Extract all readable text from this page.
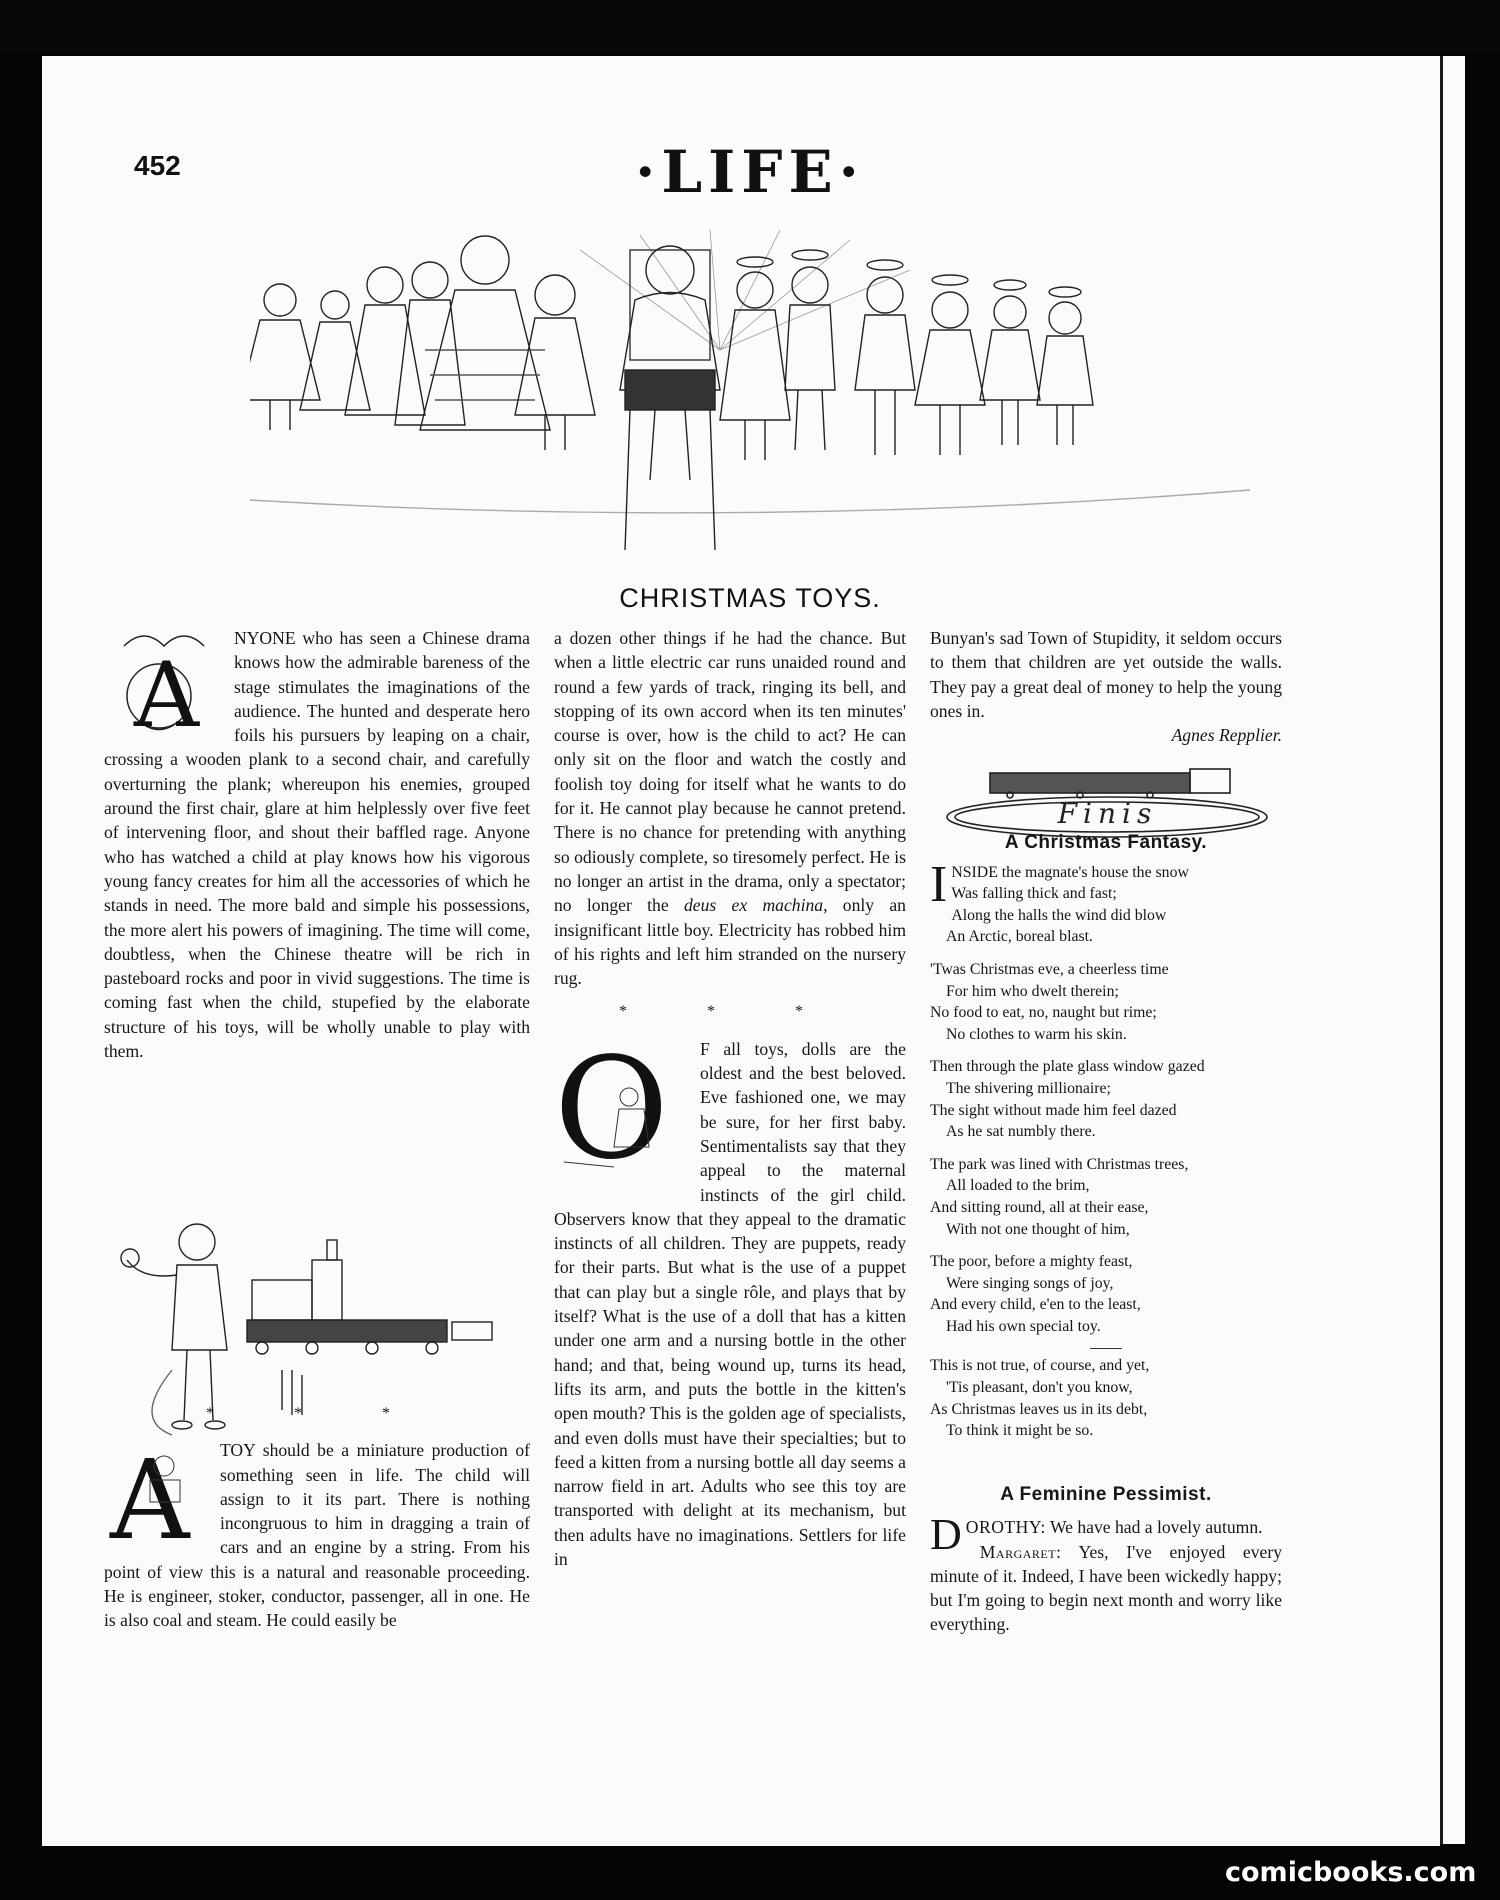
452	·LIFE·
CHRISTMAS TOYS.
A

NYONE who has seen a Chinese drama knows how the admirable bareness of the stage stimulates the imaginations of the audience. The hunted and desperate hero foils his pursuers by leaping on a chair, crossing a wooden plank to a second chair, and carefully overturning the plank; whereupon his enemies, grouped around the first chair, glare at him helplessly over five feet of intervening floor, and shout their baffled rage. Anyone who has watched a child at play knows how his vigorous young fancy creates for him all the accessories of which he stands in need. The more bald and simple his possessions, the more alert his powers of imagining. The time will come, doubtless, when the Chinese theatre will be rich in pasteboard rocks and poor in vivid suggestions. The time is coming fast when the child, stupefied by the elaborate structure of his toys, will be wholly unable to play with them.

* * *
A	TOY should be a miniature production of something seen in life. The child will assign to it its part. There is nothing incongruous to him in dragging a train of cars and an engine by a string. From his point of view this is a natural and reasonable proceeding. He is engineer, stoker, conductor, passenger, all in one. He is also coal and steam. He could easily be

a dozen other things if he had the chance. But when a little electric car runs unaided round and round a few yards of track, ringing its bell, and stopping of its own accord when its ten minutes' course is over, how is the child to act? He can only sit on the floor and watch the costly and foolish toy doing for itself what he wants to do for it. He cannot play because he cannot pretend. There is no chance for pretending with anything so odiously complete, so tiresomely perfect. He is no longer an artist in the drama, only a spectator; no longer the deus ex machina, only an insignificant little boy. Electricity has robbed him of his rights and left him stranded on the nursery rug.

* * *
O	F all toys, dolls are the oldest and the best beloved. Eve fashioned one, we may be sure, for her first baby. Sentimentalists say that they appeal to the maternal instincts of the girl child. Observers know that they appeal to the dramatic instincts of all children. They are puppets, ready for their parts. But what is the use of a puppet that can play but a single rôle, and plays that by itself? What is the use of a doll that has a kitten under one arm and a nursing bottle in the other hand; and that, being wound up, turns its head, lifts its arm, and puts the bottle in the kitten's open mouth? This is the golden age of specialists, and even dolls must have their specialties; but to feed a kitten from a nursing bottle all day seems a narrow field in art. Adults who see this toy are transported with delight at its mechanism, but then adults have no imaginations. Settlers for life in

Bunyan's sad Town of Stupidity, it seldom occurs to them that children are yet outside the walls. They pay a great deal of money to help the young ones in.

Agnes Repplier.

Finis

A Christmas Fantasy.

I NSIDE the magnate's house the snow
Was falling thick and fast;
Along the halls the wind did blow
An Arctic, boreal blast.
'Twas Christmas eve, a cheerless time
For him who dwelt therein;
No food to eat, no, naught but rime;
No clothes to warm his skin.
Then through the plate glass window gazed
The shivering millionaire;
The sight without made him feel dazed
As he sat numbly there.
The park was lined with Christmas trees,
All loaded to the brim,
And sitting round, all at their ease,
With not one thought of him,
The poor, before a mighty feast,
Were singing songs of joy,
And every child, e'en to the least,
Had his own special toy.
This is not true, of course, and yet,
'Tis pleasant, don't you know,
As Christmas leaves us in its debt,
To think it might be so.

A Feminine Pessimist.

DOROTHY: We have had a lovely autumn.

Margaret: Yes, I've enjoyed every minute of it. Indeed, I have been wickedly happy; but I'm going to begin next month and worry like everything.

comicbooks.com
